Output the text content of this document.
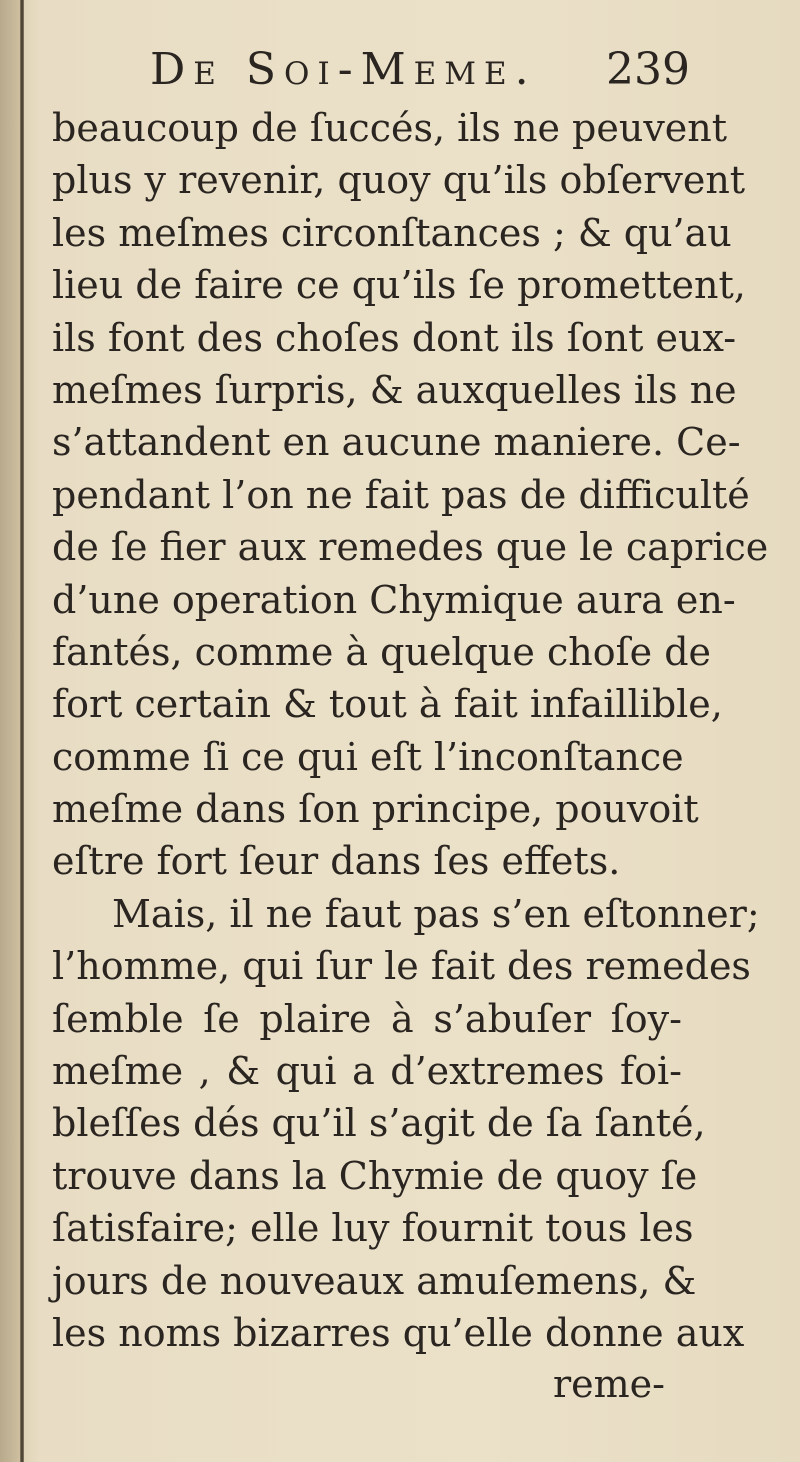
De Soi-Meme. 239
beaucoup de ſuccés, ils ne peuvent
plus y revenir, quoy qu’ils obſervent
les meſmes circonſtances ; & qu’au
lieu de faire ce qu’ils ſe promettent,
ils font des choſes dont ils ſont eux-
meſmes ſurpris, & auxquelles ils ne
s’attandent en aucune maniere. Ce-
pendant l’on ne fait pas de difficulté
de ſe fier aux remedes que le caprice
d’une operation Chymique aura en-
fantés, comme à quelque choſe de
fort certain & tout à fait infaillible,
comme ſi ce qui eſt l’inconſtance
meſme dans ſon principe, pouvoit
eſtre fort ſeur dans ſes effets.
Mais, il ne faut pas s’en eſtonner;
l’homme, qui ſur le fait des remedes
ſemble ſe plaire à s’abuſer ſoy-
meſme , & qui a d’extremes foi-
bleſſes dés qu’il s’agit de ſa ſanté,
trouve dans la Chymie de quoy ſe
ſatisfaire; elle luy fournit tous les
jours de nouveaux amuſemens, &
les noms bizarres qu’elle donne aux
reme-
